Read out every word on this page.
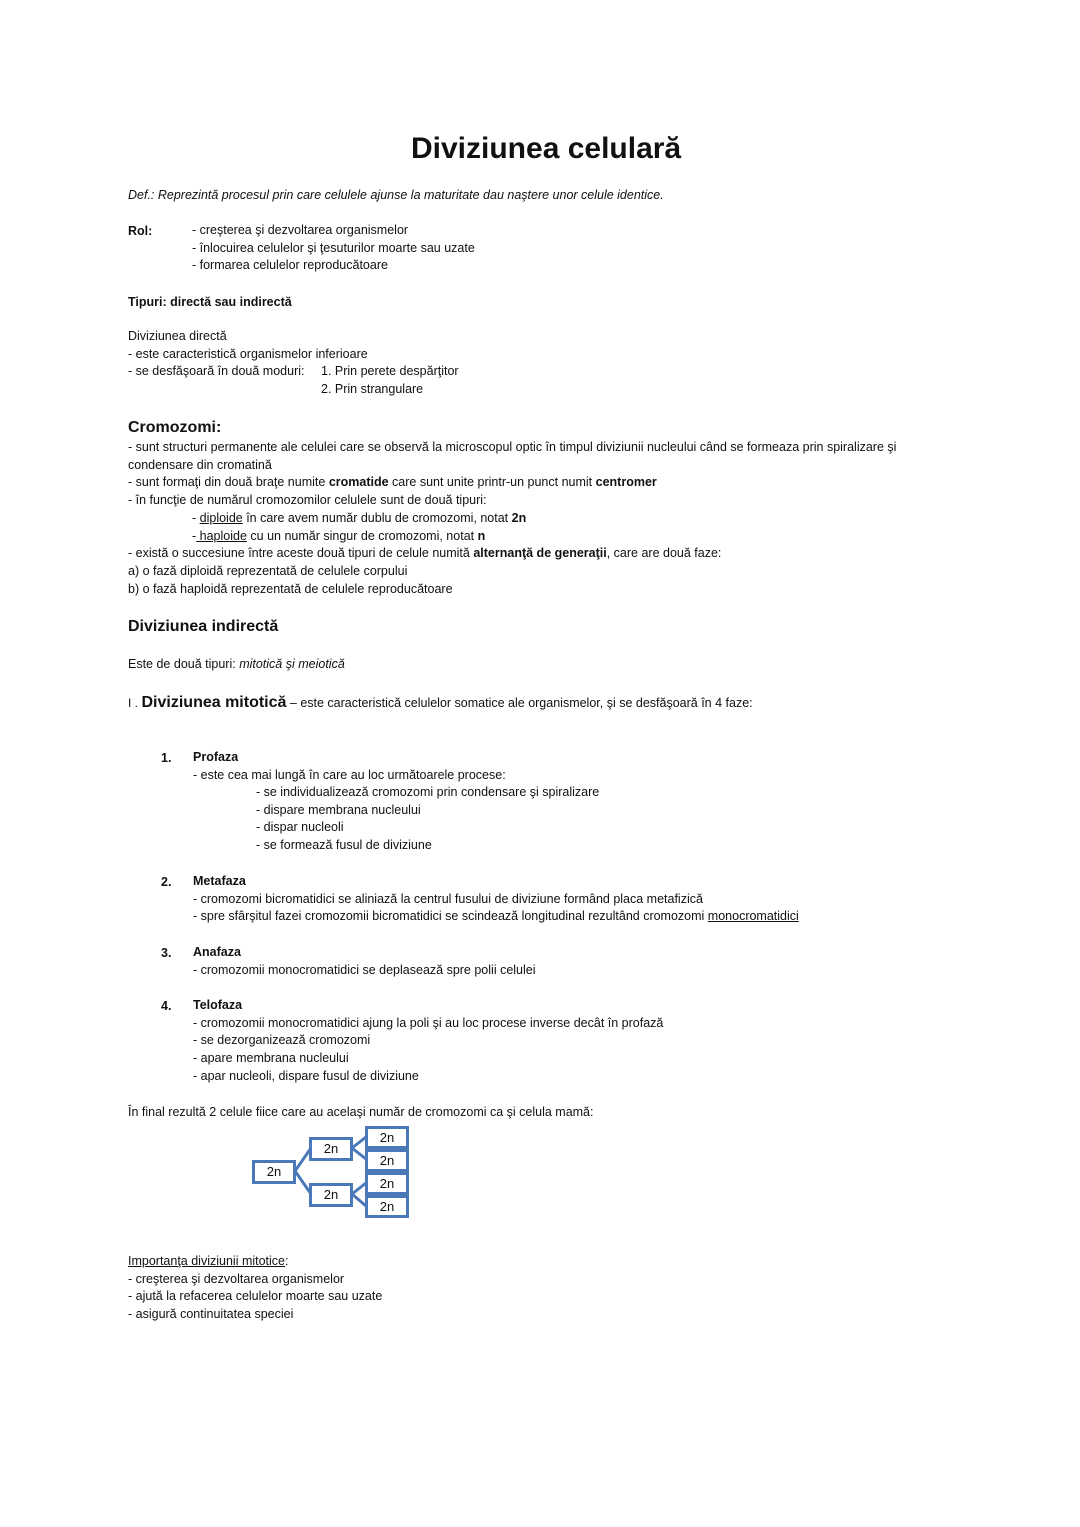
Diviziunea celulară
Def.: Reprezintă procesul prin care celulele ajunse la maturitate dau naştere unor celule identice.
Rol:	- creşterea şi dezvoltarea organismelor
- înlocuirea celulelor şi ţesuturilor moarte sau uzate
- formarea celulelor reproducătoare
Tipuri: directă sau indirectă
Diviziunea directă
- este caracteristică organismelor inferioare
- se desfăşoară în două moduri:	1. Prin perete despărţitor
2. Prin strangulare
Cromozomi:
- sunt structuri permanente ale celulei care se observă la microscopul optic în timpul diviziunii nucleului când se formeaza prin spiralizare şi
condensare din cromatină
- sunt formaţi din două braţe numite cromatide care sunt unite printr-un punct numit centromer
- în funcţie de numărul cromozomilor celulele sunt de două tipuri:
- diploide în care avem număr dublu de cromozomi, notat 2n
- haploide cu un număr singur de cromozomi, notat n
- există o succesiune între aceste două tipuri de celule numită alternanţă de generaţii, care are două faze:
a) o fază diploidă reprezentată de celulele corpului
b) o fază haploidă reprezentată de celulele reproducătoare
Diviziunea indirectă
Este de două tipuri: mitotică şi meiotică
I . Diviziunea mitotică – este caracteristică celulelor somatice ale organismelor, şi se desfăşoară în 4 faze:
1. Profaza
- este cea mai lungă în care au loc următoarele procese:
- se individualizează cromozomi prin condensare şi spiralizare
- dispare membrana nucleului
- dispar nucleoli
- se formează fusul de diviziune
2. Metafaza
- cromozomi bicromatidici se aliniază la centrul fusului de diviziune formând placa metafizică
- spre sfârşitul fazei cromozomii bicromatidici se scindează longitudinal rezultând cromozomi monocromatidici
3. Anafaza
- cromozomii monocromatidici se deplasează spre polii celulei
4. Telofaza
- cromozomii monocromatidici ajung la poli şi au loc procese inverse decât în profază
- se dezorganizează cromozomi
- apare membrana nucleului
- apar nucleoli, dispare fusul de diviziune
În final rezultă 2 celule fiice care au acelaşi număr de cromozomi ca şi celula mamă:
2n
2n
2n
2n
2n
2n
2n
Importanţa diviziunii mitotice:
- creşterea şi dezvoltarea organismelor
- ajută la refacerea celulelor moarte sau uzate
- asigură continuitatea speciei
